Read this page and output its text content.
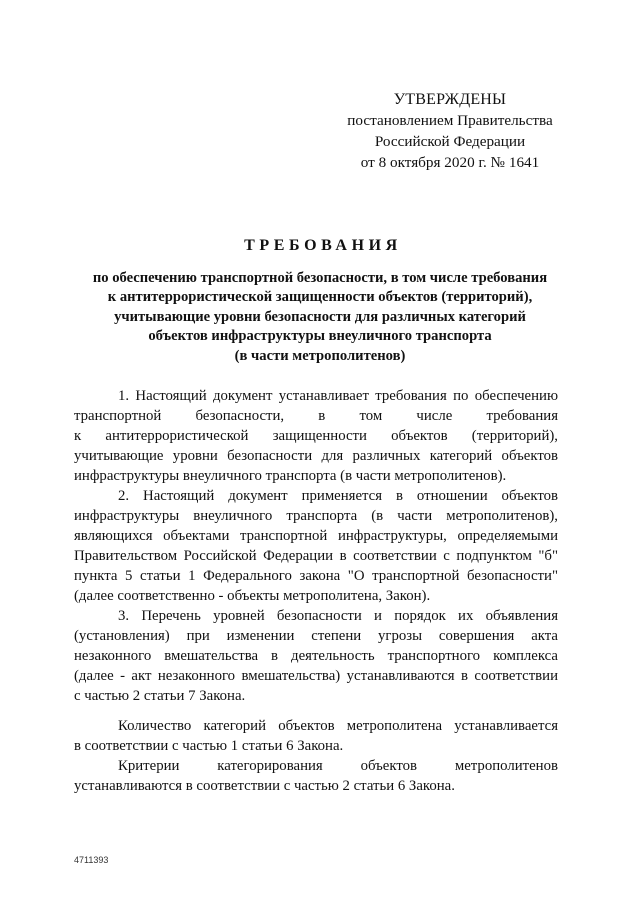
УТВЕРЖДЕНЫ
постановлением Правительства
Российской Федерации
от 8 октября 2020 г. № 1641
ТРЕБОВАНИЯ
по обеспечению транспортной безопасности, в том числе требования
к антитеррористической защищенности объектов (территорий),
учитывающие уровни безопасности для различных категорий
объектов инфраструктуры внеуличного транспорта
(в части метрополитенов)
1. Настоящий документ устанавливает требования по обеспечению
транспортной безопасности, в том числе требования
к антитеррористической защищенности объектов (территорий),
учитывающие уровни безопасности для различных категорий объектов
инфраструктуры внеуличного транспорта (в части метрополитенов).
2. Настоящий документ применяется в отношении объектов
инфраструктуры внеуличного транспорта (в части метрополитенов),
являющихся объектами транспортной инфраструктуры, определяемыми
Правительством Российской Федерации в соответствии с подпунктом "б"
пункта 5 статьи 1 Федерального закона "О транспортной безопасности"
(далее соответственно - объекты метрополитена, Закон).
3. Перечень уровней безопасности и порядок их объявления
(установления) при изменении степени угрозы совершения акта
незаконного вмешательства в деятельность транспортного комплекса
(далее - акт незаконного вмешательства) устанавливаются в соответствии
с частью 2 статьи 7 Закона.
Количество категорий объектов метрополитена устанавливается
в соответствии с частью 1 статьи 6 Закона.
Критерии категорирования объектов метрополитенов
устанавливаются в соответствии с частью 2 статьи 6 Закона.
4711393
